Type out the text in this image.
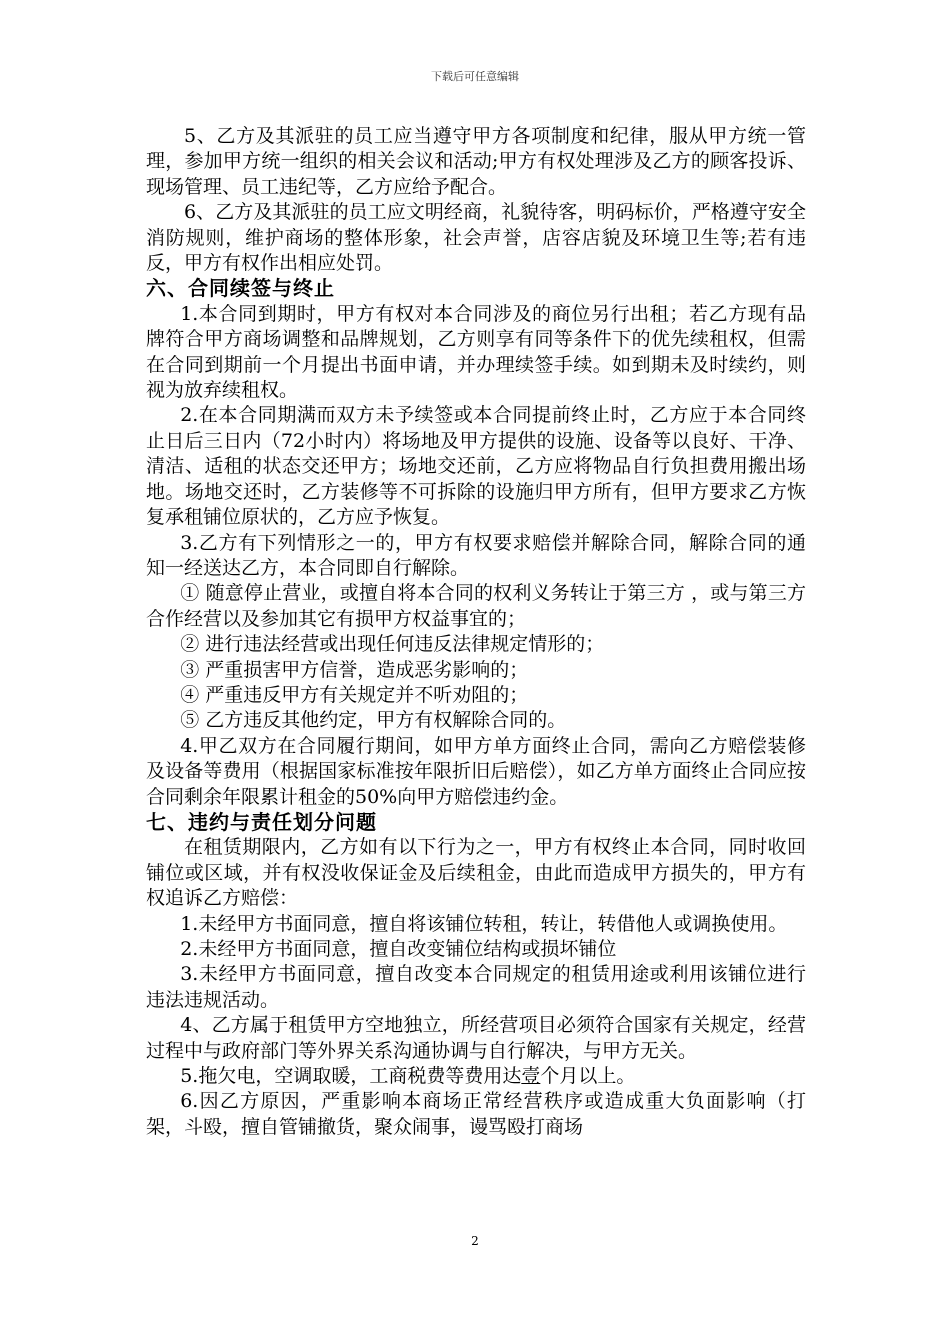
下载后可任意编辑

5、乙方及其派驻的员工应当遵守甲方各项制度和纪律，服从甲方统一管理，参加甲方统一组织的相关会议和活动;甲方有权处理涉及乙方的顾客投诉、现场管理、员工违纪等，乙方应给予配合。

6、乙方及其派驻的员工应文明经商，礼貌待客，明码标价，严格遵守安全消防规则，维护商场的整体形象，社会声誉，店容店貌及环境卫生等;若有违反，甲方有权作出相应处罚。

六、合同续签与终止

1.本合同到期时，甲方有权对本合同涉及的商位另行出租；若乙方现有品牌符合甲方商场调整和品牌规划，乙方则享有同等条件下的优先续租权，但需在合同到期前一个月提出书面申请，并办理续签手续。如到期未及时续约，则视为放弃续租权。

2.在本合同期满而双方未予续签或本合同提前终止时，乙方应于本合同终止日后三日内（72小时内）将场地及甲方提供的设施、设备等以良好、干净、清洁、适租的状态交还甲方；场地交还前，乙方应将物品自行负担费用搬出场地。场地交还时，乙方装修等不可拆除的设施归甲方所有，但甲方要求乙方恢复承租铺位原状的，乙方应予恢复。

3.乙方有下列情形之一的，甲方有权要求赔偿并解除合同，解除合同的通知一经送达乙方，本合同即自行解除。

① 随意停止营业，或擅自将本合同的权利义务转让于第三方 ，或与第三方合作经营以及参加其它有损甲方权益事宜的；

② 进行违法经营或出现任何违反法律规定情形的；

③ 严重损害甲方信誉，造成恶劣影响的；

④ 严重违反甲方有关规定并不听劝阻的；

⑤ 乙方违反其他约定，甲方有权解除合同的。

4.甲乙双方在合同履行期间，如甲方单方面终止合同，需向乙方赔偿装修及设备等费用（根据国家标准按年限折旧后赔偿），如乙方单方面终止合同应按合同剩余年限累计租金的50%向甲方赔偿违约金。

七、违约与责任划分问题

在租赁期限内，乙方如有以下行为之一，甲方有权终止本合同，同时收回铺位或区域，并有权没收保证金及后续租金，由此而造成甲方损失的，甲方有权追诉乙方赔偿：

1.未经甲方书面同意，擅自将该铺位转租，转让，转借他人或调换使用。

2.未经甲方书面同意，擅自改变铺位结构或损坏铺位

3.未经甲方书面同意，擅自改变本合同规定的租赁用途或利用该铺位进行违法违规活动。

4、乙方属于租赁甲方空地独立，所经营项目必须符合国家有关规定，经营过程中与政府部门等外界关系沟通协调与自行解决，与甲方无关。

5.拖欠电，空调取暖，工商税费等费用达壹个月以上。

6.因乙方原因，严重影响本商场正常经营秩序或造成重大负面影响（打架，斗殴，擅自管铺撤货，聚众闹事，谩骂殴打商场

2
